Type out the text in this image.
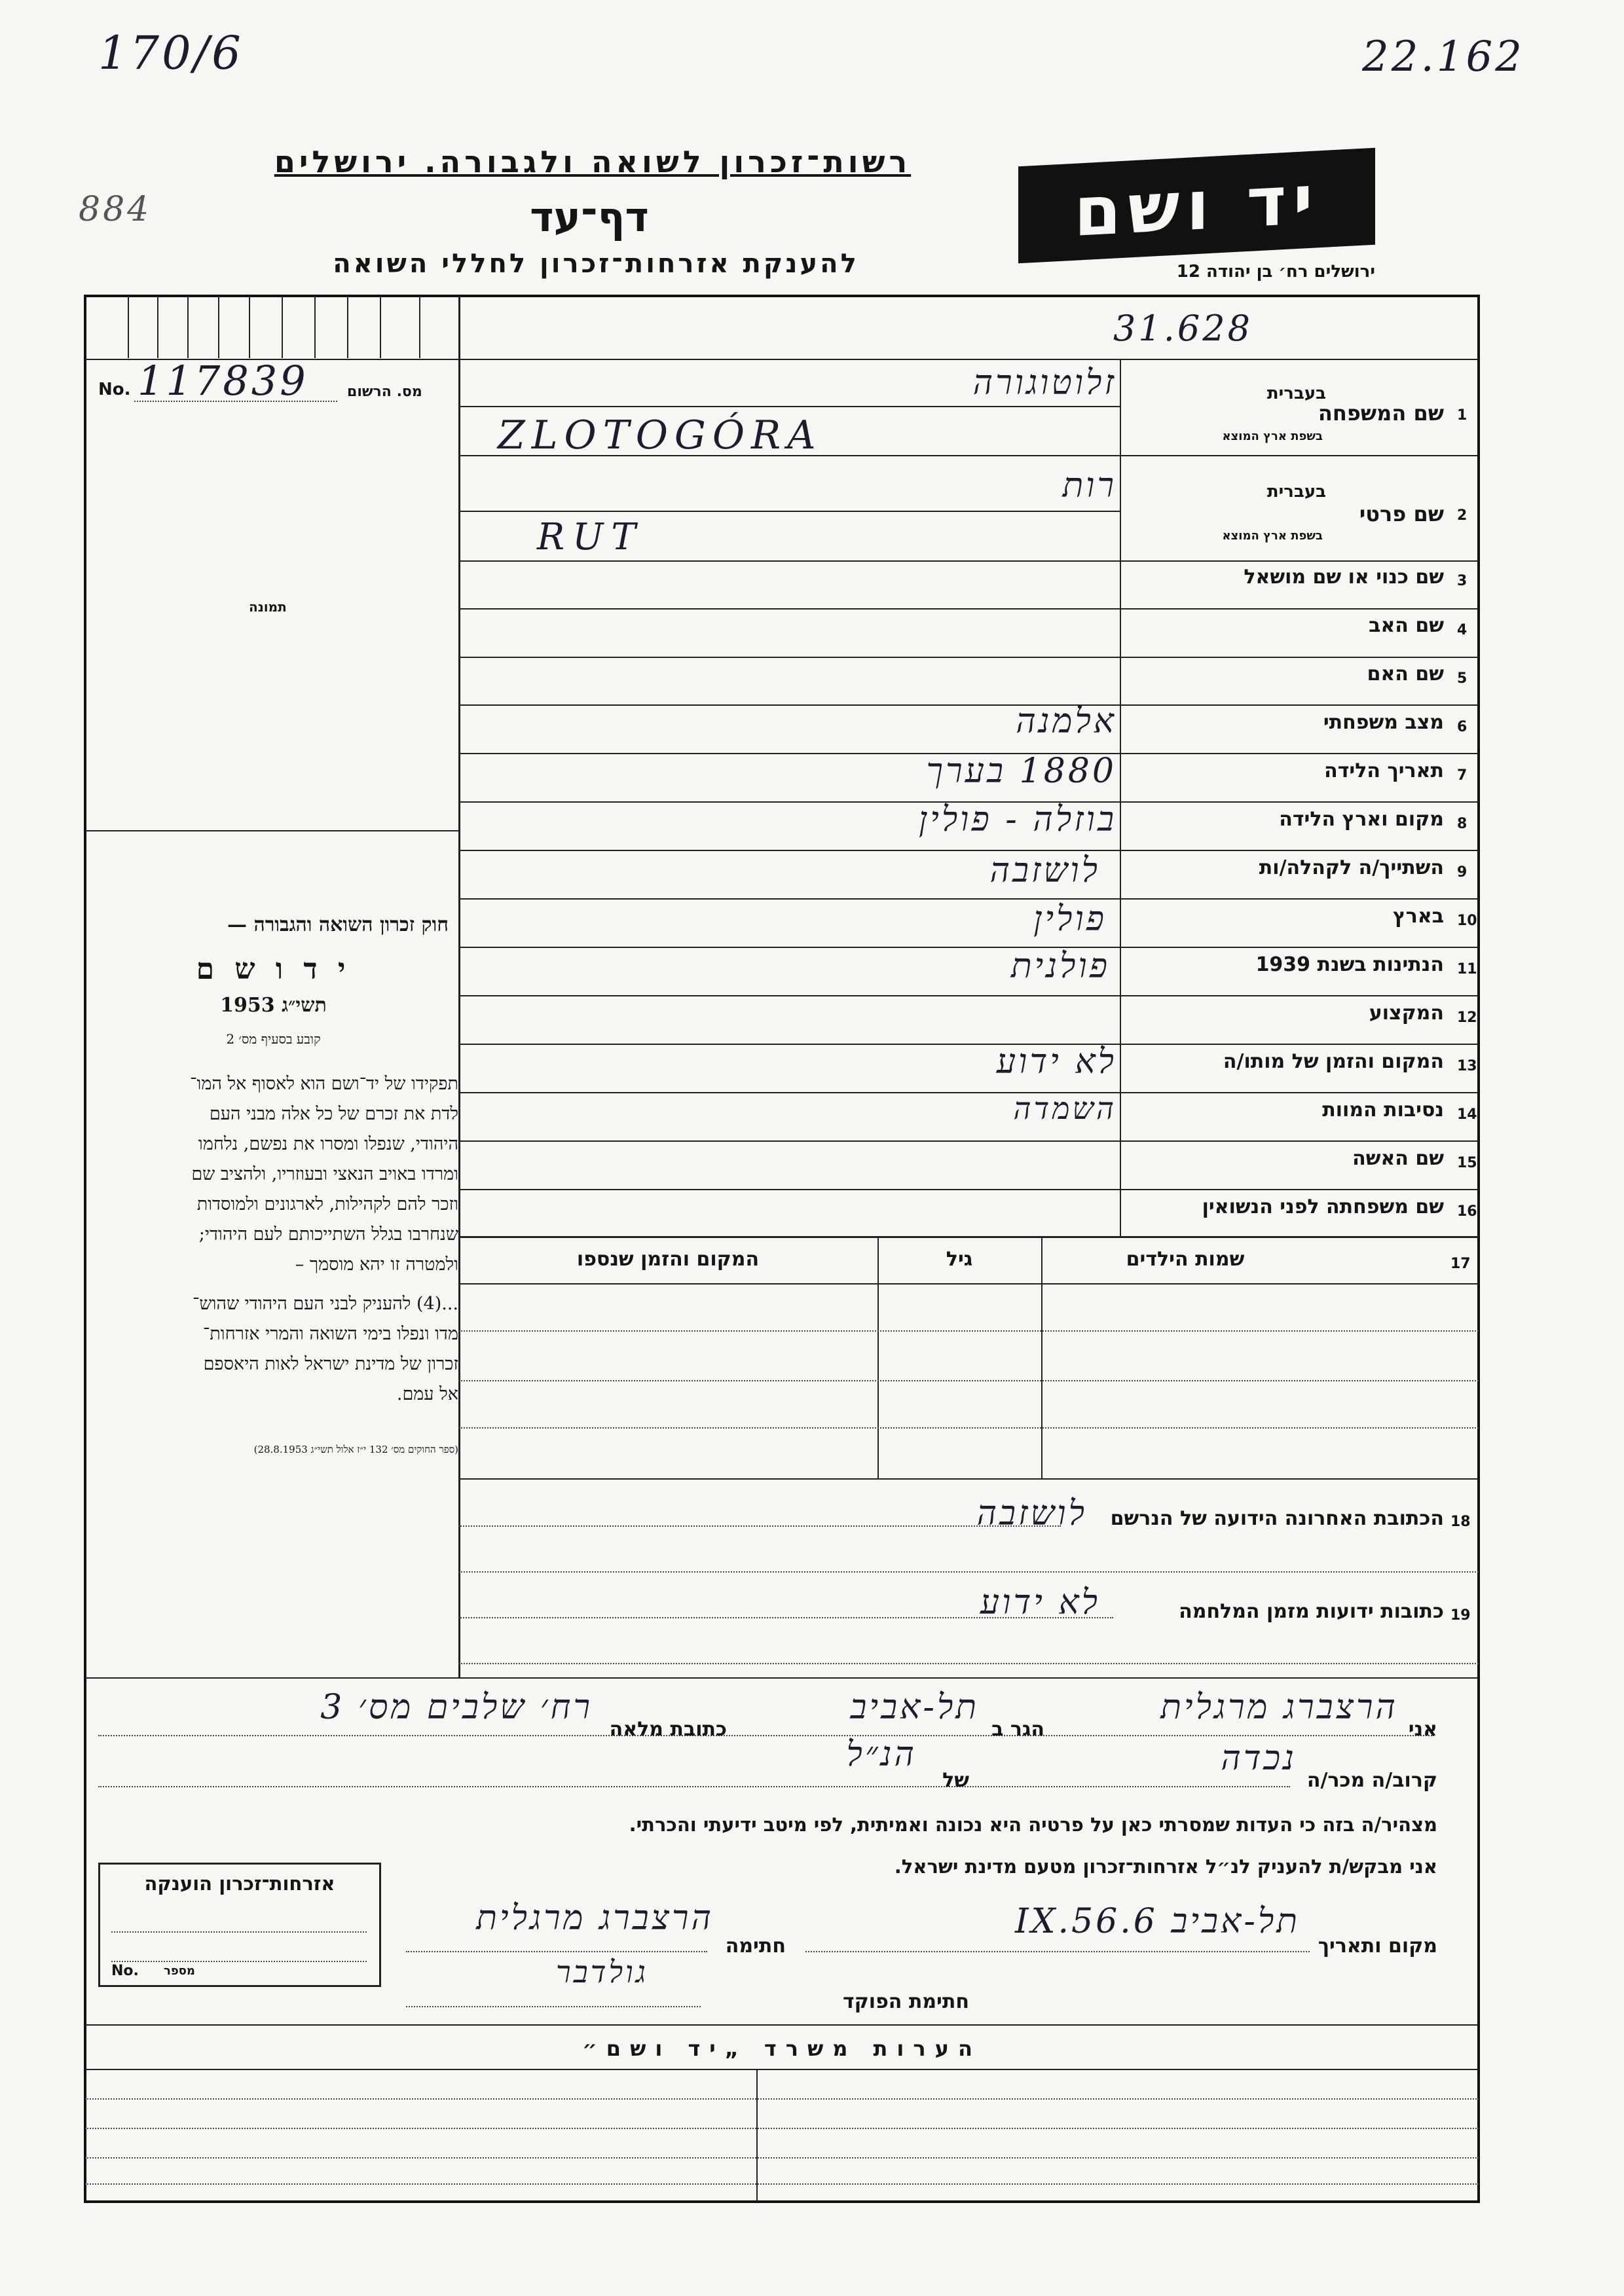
170/6	22.162
884
רשות־זכרון לשואה ולגבורה. ירושלים
דף־עד
להענקת אזרחות־זכרון לחללי השואה
יד ושם
ירושלים רח׳ בן יהודה 12
No. 117839	מס. הרשום
תמונה
חוק זכרון השואה והגבורה —
י ד ו ש ם
תשי״ג 1953
קובע בסעיף מס׳ 2
תפקידו של יד־ושם הוא לאסוף אל המו־
לדת את זכרם של כל אלה מבני העם
היהודי, שנפלו ומסרו את נפשם, נלחמו
ומרדו באויב הנאצי ובעוזריו, ולהציב שם
וזכר להם לקהילות, לארגונים ולמוסדות
שנחרבו בגלל השתייכותם לעם היהודי;
ולמטרה זו יהא מוסמך –
...(4) להעניק לבני העם היהודי שהוש־
מדו ונפלו בימי השואה והמרי אזרחות־
זכרון של מדינת ישראל לאות היאספם
אל עמם.
(ספר החוקים מס׳ 132 י״ז אלול תשי״ג 28.8.1953)
31.628
1
שם המשפחה
בעברית
בשפת ארץ המוצא
זלוטוגורה
ZLOTOGÓRA
2
שם פרטי
בעברית
בשפת ארץ המוצא
רות
RUT
3
שם כנוי או שם מושאל
4
שם האב
5
שם האם
6
מצב משפחתי
אלמנה
7
תאריך הלידה
1880 בערך
8
מקום וארץ הלידה
בוזלה - פולין
9
השתייך/ה לקהלה/ות
לושזבה
10
בארץ
פולין
11
הנתינות בשנת 1939
פולנית
12
המקצוע
13
המקום והזמן של מותו/ה
לא ידוע
14
נסיבות המוות
השמדה
15
שם האשה
16
שם משפחתה לפני הנשואין
17
שמות הילדים
גיל
המקום והזמן שנספו
18
הכתובת האחרונה הידועה של הנרשם
לושזבה
19
כתובות ידועות מזמן המלחמה
לא ידוע
אני
הרצברג מרגלית
הגר ב
תל-אביב
כתובת מלאה
רח׳ שלבים מס׳ 3
קרוב/ה מכר/ה
נכדה
של
הנ״ל
מצהיר/ה בזה כי העדות שמסרתי כאן על פרטיה היא נכונה ואמיתית, לפי מיטב ידיעתי והכרתי.
אני מבקש/ת להעניק לנ״ל אזרחות־זכרון מטעם מדינת ישראל.
מקום ותאריך
תל-אביב 6.IX.56
חתימה
הרצברג מרגלית
חתימת הפוקד
גולדבר
אזרחות־זכרון הוענקה
No. מספר
הערות משרד „יד ושם״
